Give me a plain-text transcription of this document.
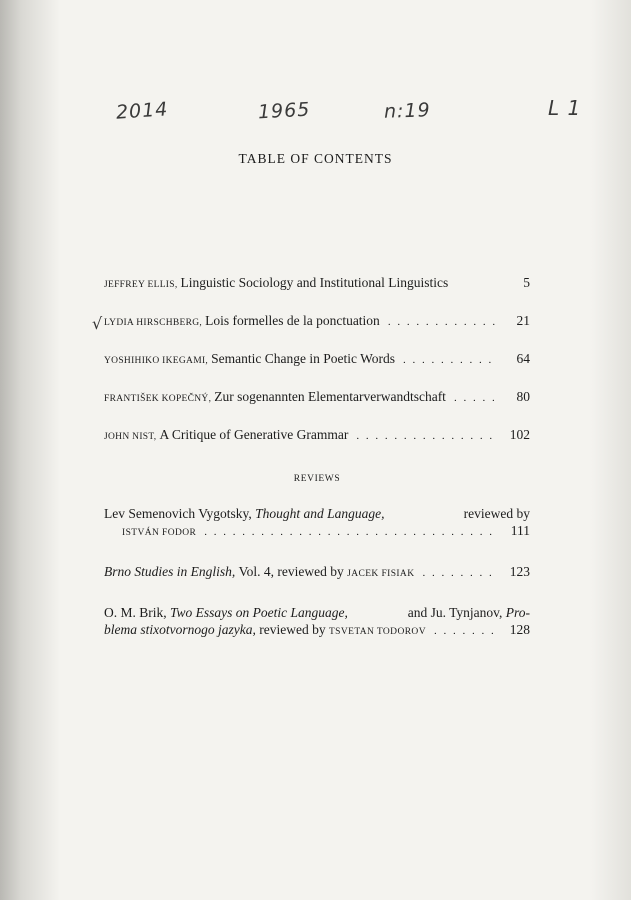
2014	1965	n:19	L 1
√
TABLE OF CONTENTS
JEFFREY ELLIS, Linguistic Sociology and Institutional Linguistics	5
LYDIA HIRSCHBERG, Lois formelles de la ponctuation . . .	21
YOSHIHIKO IKEGAMI, Semantic Change in Poetic Words . . .	64
FRANTIŠEK KOPEČNÝ, Zur sogenannten Elementarverwandtschaft . . .	80
JOHN NIST, A Critique of Generative Grammar . . .	102
REVIEWS
Lev Semenovich Vygotsky,
Thought and Language,	reviewed by
ISTVÁN FODOR . . .	111
Brno Studies in English,
Vol. 4, reviewed by
JACEK FISIAK . . .	123
O. M. Brik,
Two Essays on Poetic Language,	and Ju. Tynjanov,
Pro-
blema stixotvornogo jazyka,
reviewed by
TSVETAN TODOROV . . .	128
